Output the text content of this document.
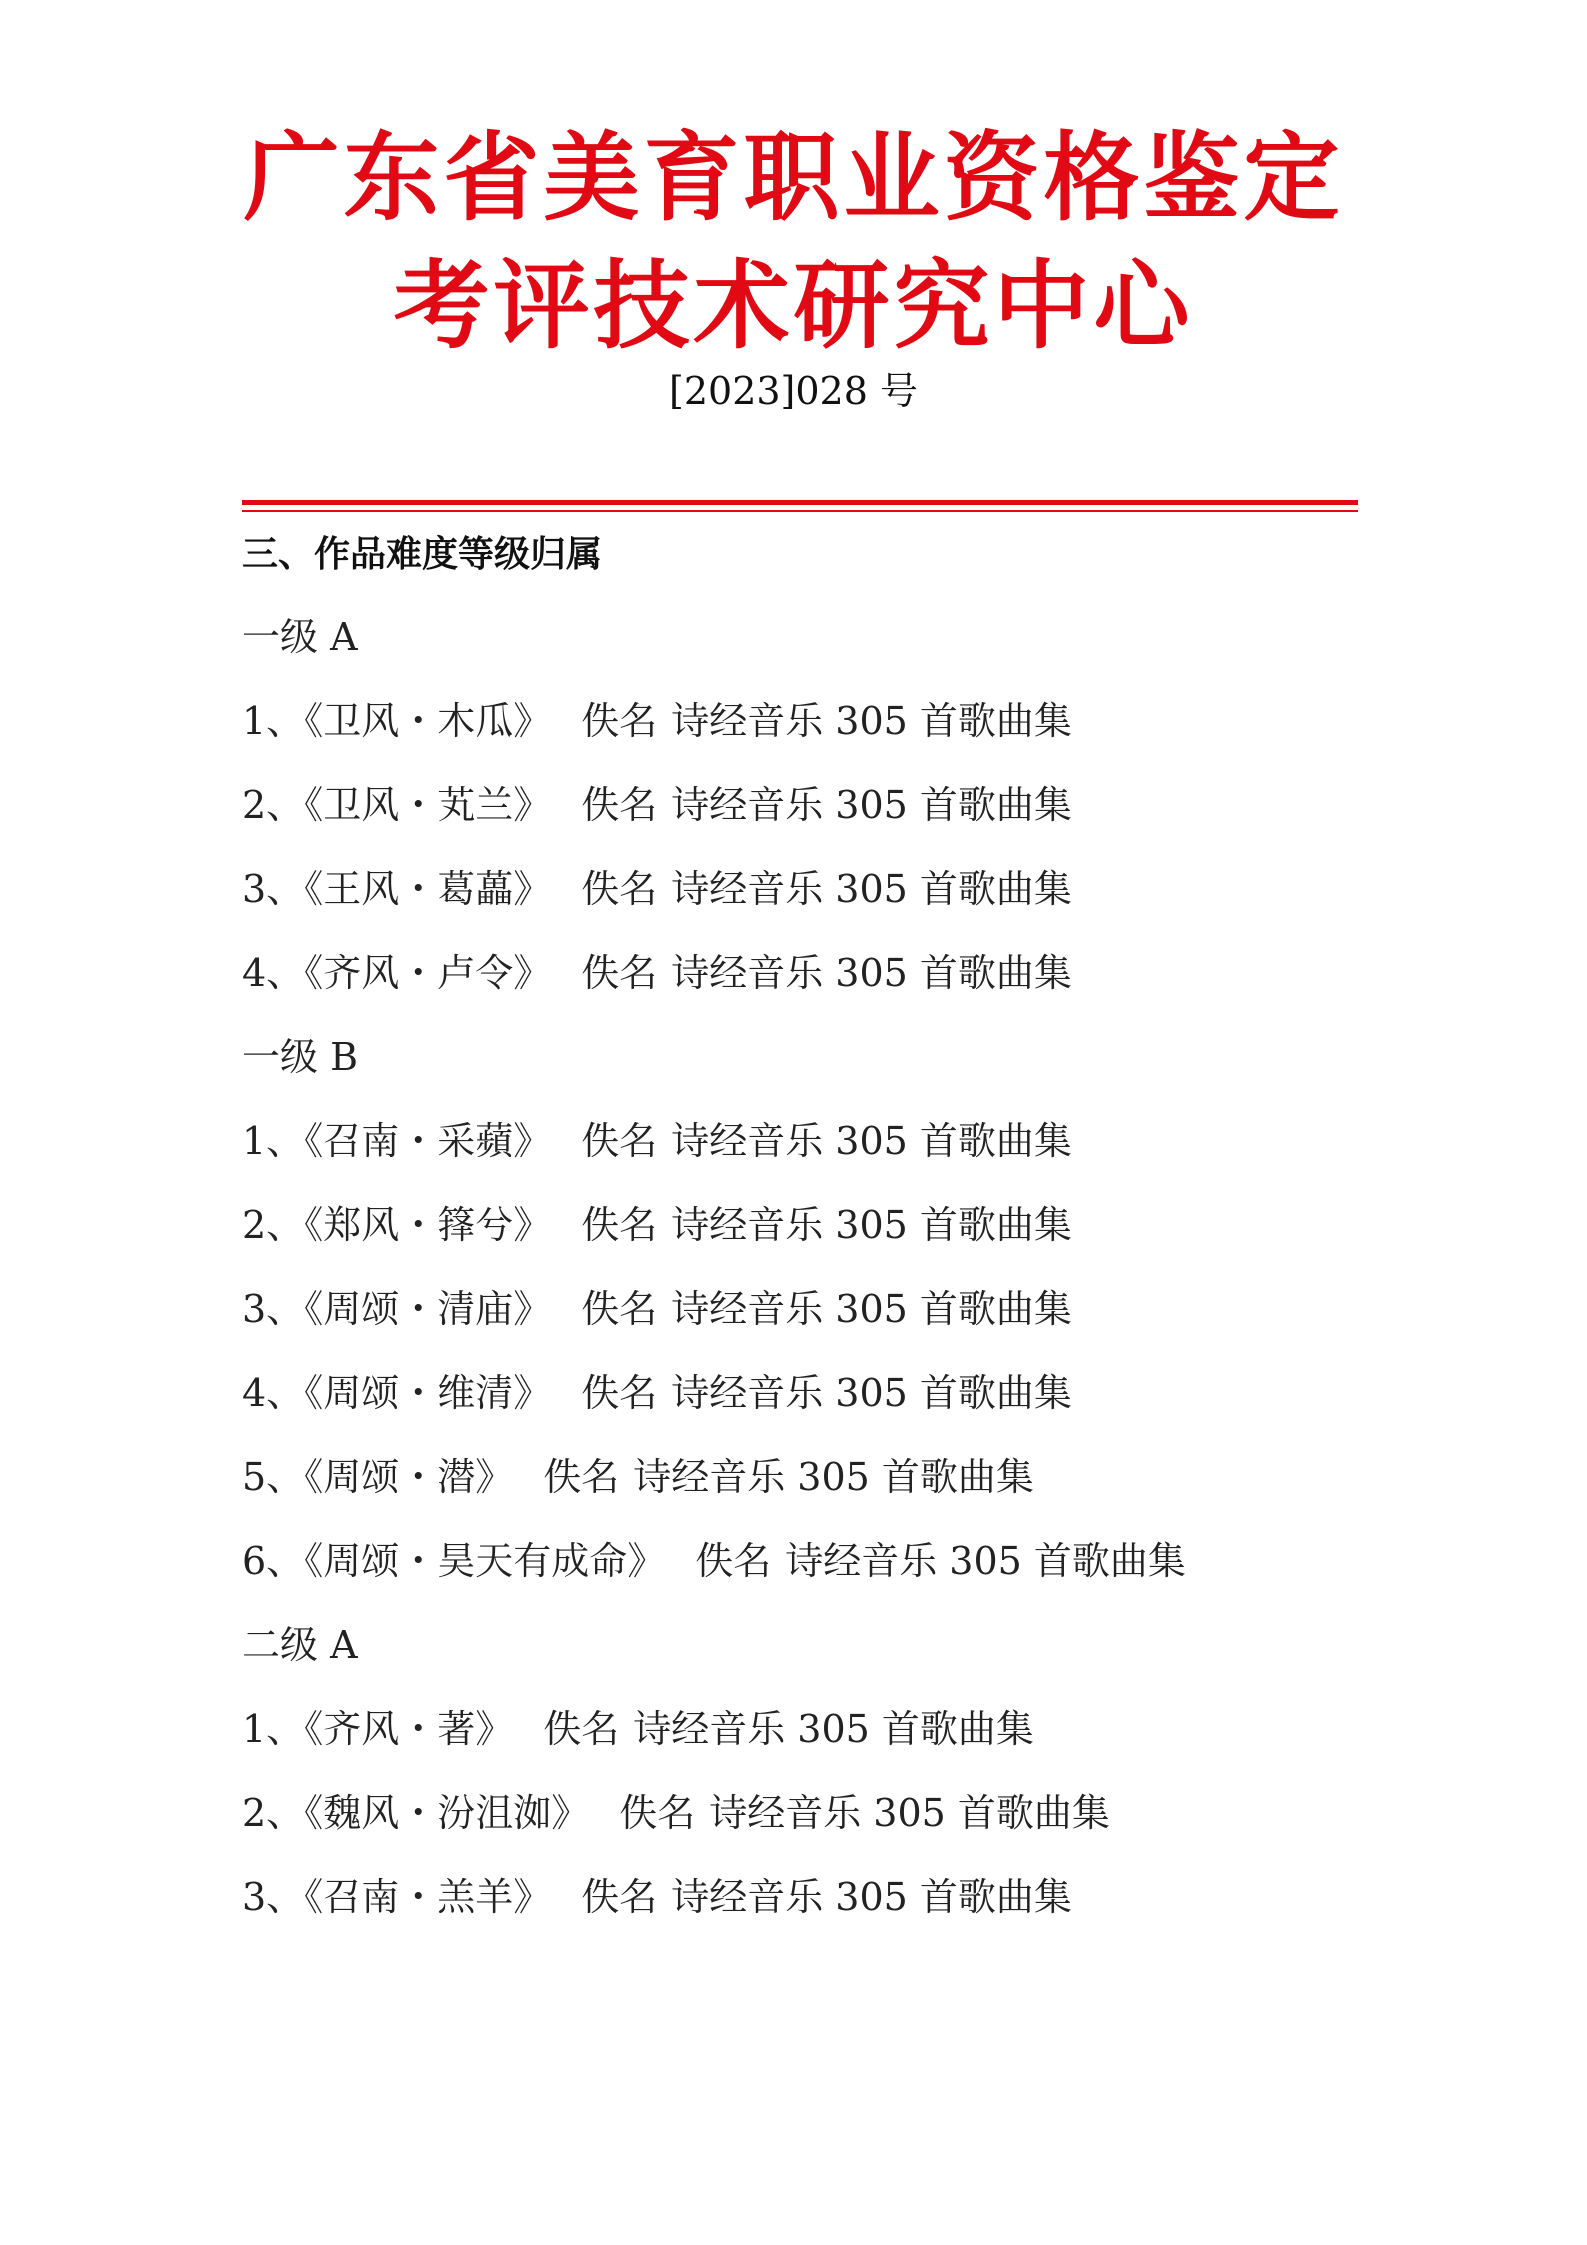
广东省美育职业资格鉴定
考评技术研究中心
[2023]028 号
三、作品难度等级归属
一级 A
1、《卫风・木瓜》 佚名 诗经音乐 305 首歌曲集
2、《卫风・芄兰》 佚名 诗经音乐 305 首歌曲集
3、《王风・葛藟》 佚名 诗经音乐 305 首歌曲集
4、《齐风・卢令》 佚名 诗经音乐 305 首歌曲集
一级 B
1、《召南・采蘋》 佚名 诗经音乐 305 首歌曲集
2、《郑风・箨兮》 佚名 诗经音乐 305 首歌曲集
3、《周颂・清庙》 佚名 诗经音乐 305 首歌曲集
4、《周颂・维清》 佚名 诗经音乐 305 首歌曲集
5、《周颂・潜》 佚名 诗经音乐 305 首歌曲集
6、《周颂・昊天有成命》 佚名 诗经音乐 305 首歌曲集
二级 A
1、《齐风・著》 佚名 诗经音乐 305 首歌曲集
2、《魏风・汾沮洳》 佚名 诗经音乐 305 首歌曲集
3、《召南・羔羊》 佚名 诗经音乐 305 首歌曲集
